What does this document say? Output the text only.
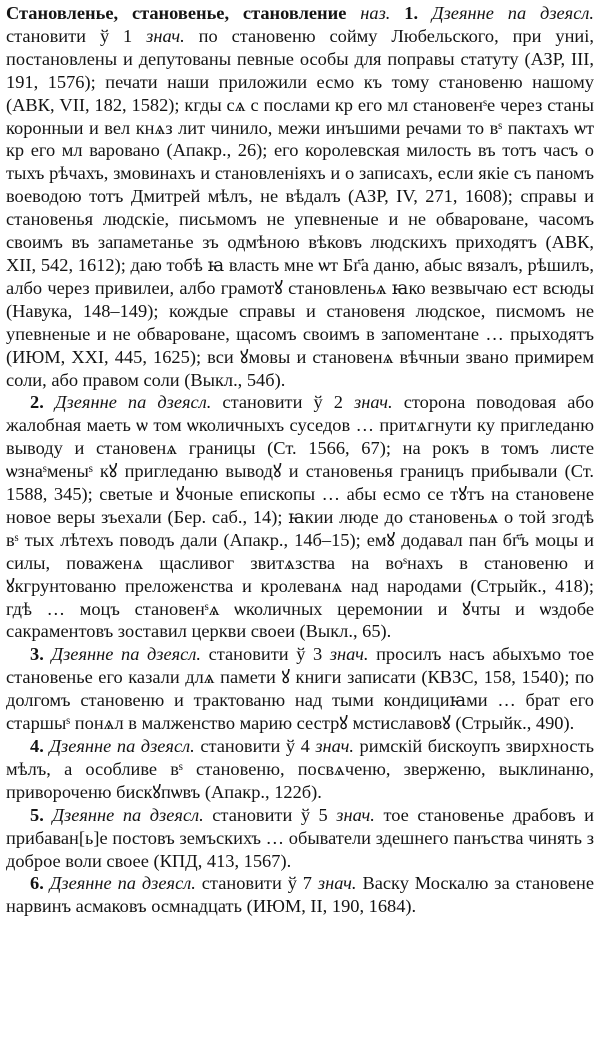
Становленье, становенье, становление наз. 1. Дзеянне па дзеясл. становити ў 1 знач. по становеню сойму Любельского, при униі, постановлены и депутованы певные особы для поправы статуту (АЗР, III, 191, 1576); печати наши приложили есмо къ тому становеню нашому (АВК, VII, 182, 1582); кгды сѧ с послами кр его мл становенˢе через станы коронныи и вел кнѧз лит чинило, межи инъшими речами то вˢ пактахъ ѡт кр его мл варовано (Апакр., 26); его королевская милость въ тотъ часъ о тыхъ рѣчахъ, змовинахъ и становленіяхъ и о записахъ, если якіе съ паномъ воеводою тотъ Дмитрей мѣлъ, не вѣдалъ (АЗР, IV, 271, 1608); справы и становенья людскіе, письмомъ не упевненые и не обвароване, часомъ своимъ въ запаметанье зъ одмѣною вѣковъ людскихъ приходятъ (АВК, XII, 542, 1612); даю тобѣ ꙗ власть мне ѡт Бг҃а даню, абыс вязалъ, рѣшилъ, албо через привилеи, албо грамотꙋ становленьѧ ꙗко везвычаю ест всюды (Навука, 148–149); кождые справы и становеня людское, писмомъ не упевненые и не обвароване, щасомъ своимъ в запоментане … прыходятъ (ИЮМ, XXI, 445, 1625); вси ꙋмовы и становенѧ вѣчныи звано примирем соли, або правом соли (Выкл., 54б).

2. Дзеянне па дзеясл. становити ў 2 знач. сторона поводовая або жалобная маеть ѡ том ѡколичныхъ суседов … притѧгнути ку пригледаню выводу и становенѧ границы (Ст. 1566, 67); на рокъ в томъ листе ѡзнаˢменыˢ кꙋ пригледаню выводꙋ и становенья границъ прибывали (Ст. 1588, 345); светые и ꙋчоные епископы … абы есмо се тꙋтъ на становене новое веры зъехали (Бер. саб., 14); ꙗкии люде до становеньѧ о той згодѣ вˢ тых лѣтехъ поводъ дали (Апакр., 14б–15); емꙋ додавал пан бг҃ъ моцы и силы, поваженѧ щасливог звитѧзства на воˢнахъ в становеню и ꙋкгрунтованю преложенства и кролеванѧ над народами (Стрыйк., 418); гдѣ … моцъ становенˢѧ ѡколичных церемонии и ꙋчты и ѡздобе сакраментовъ зоставил церкви своеи (Выкл., 65).

3. Дзеянне па дзеясл. становити ў 3 знач. просилъ насъ абыхъмо тое становенье его казали длѧ памети ꙋ книги записати (КВЗС, 158, 1540); по долгомъ становеню и трактованю над тыми кондициꙗми … брат его старшыˢ понѧл в малженство марию сестрꙋ мстиславовꙋ (Стрыйк., 490).

4. Дзеянне па дзеясл. становити ў 4 знач. римскій бискоупъ звирхность мѣлъ, а особливе вˢ становеню, посвѧченю, зверженю, выклинаню, привороченю бискꙋпѡвъ (Апакр., 122б).

5. Дзеянне па дзеясл. становити ў 5 знач. тое становенье драбовъ и прибаван[ь]е постовъ земъскихъ … обыватели здешнего панъства чинять з доброе воли своее (КПД, 413, 1567).

6. Дзеянне па дзеясл. становити ў 7 знач. Васку Москалю за становене нарвинъ асмаковъ осмнадцать (ИЮМ, II, 190, 1684).
